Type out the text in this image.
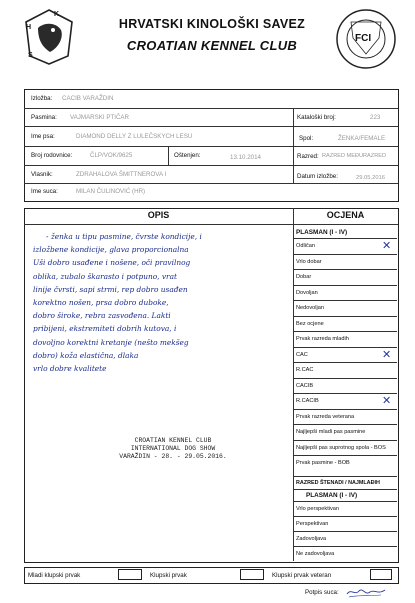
H
K
S
HRVATSKI KINOLOŠKI SAVEZ
CROATIAN KENNEL CLUB	FCI
Izložba: CACIB VARAŽDIN
Pasmina: VAJMARSKI PTIČAR	Kataloški broj:	223
Ime psa:	DIAMOND DELLY Z LULEČSKYCH LESU	Spol:	ŽENKA/FEMALE
Broj rodovnice:	ČLP/VOK/9625	Oštenjen:	13.10.2014	Razred: RAZRED MEĐURAZRED
Vlasnik:	ZDRAHALOVA ŠMITTNEROVA I	Datum izložbe:	29.05.2016
Ime suca:	MILAN ČULINOVIĆ (HR)
OPIS	OCJENA
- ženka u tipu pasmine, čvrste kondicije, i
izložbene kondicije, glava proporcionalna
Uši dobro usađene i nošene, oči pravilnog
oblika, zubalo škarasto i potpuno, vrat
linije čvrsti, sapi strmi, rep dobro usađen
korektno nošen, prsa dobro duboke,
dobro široke, rebra zasvođena. Lakti
pribijeni, ekstremiteti dobrih kutova, i
dovoljno korektni kretanje (nešto mekšeg
dobro) koža elastična, dlaka
vrlo dobre kvalitete
CROATIAN KENNEL CLUB
INTERNATIONAL DOG SHOW
VARAŽDIN - 28. - 29.05.2016.
PLASMAN (I - IV)
Odličan	✕
Vrlo dobar
Dobar
Dovoljan
Nedovoljan
Bez ocjene
Prvak razreda mladih
CAC	✕
R.CAC
CACIB
R.CACIB	✕
Prvak razreda veterana
Najljepši mladi pas pasmine
Najljepši pas suprotnog spola - BOS
Prvak pasmine - BOB
RAZRED ŠTENADI / NAJMLAĐIH
PLASMAN (I - IV)
Vrlo perspektivan
Perspektivan
Zadovoljava
Ne zadovoljava
Mladi klupski prvak	Klupski prvak	Klupski prvak veteran
Potpis suca:
